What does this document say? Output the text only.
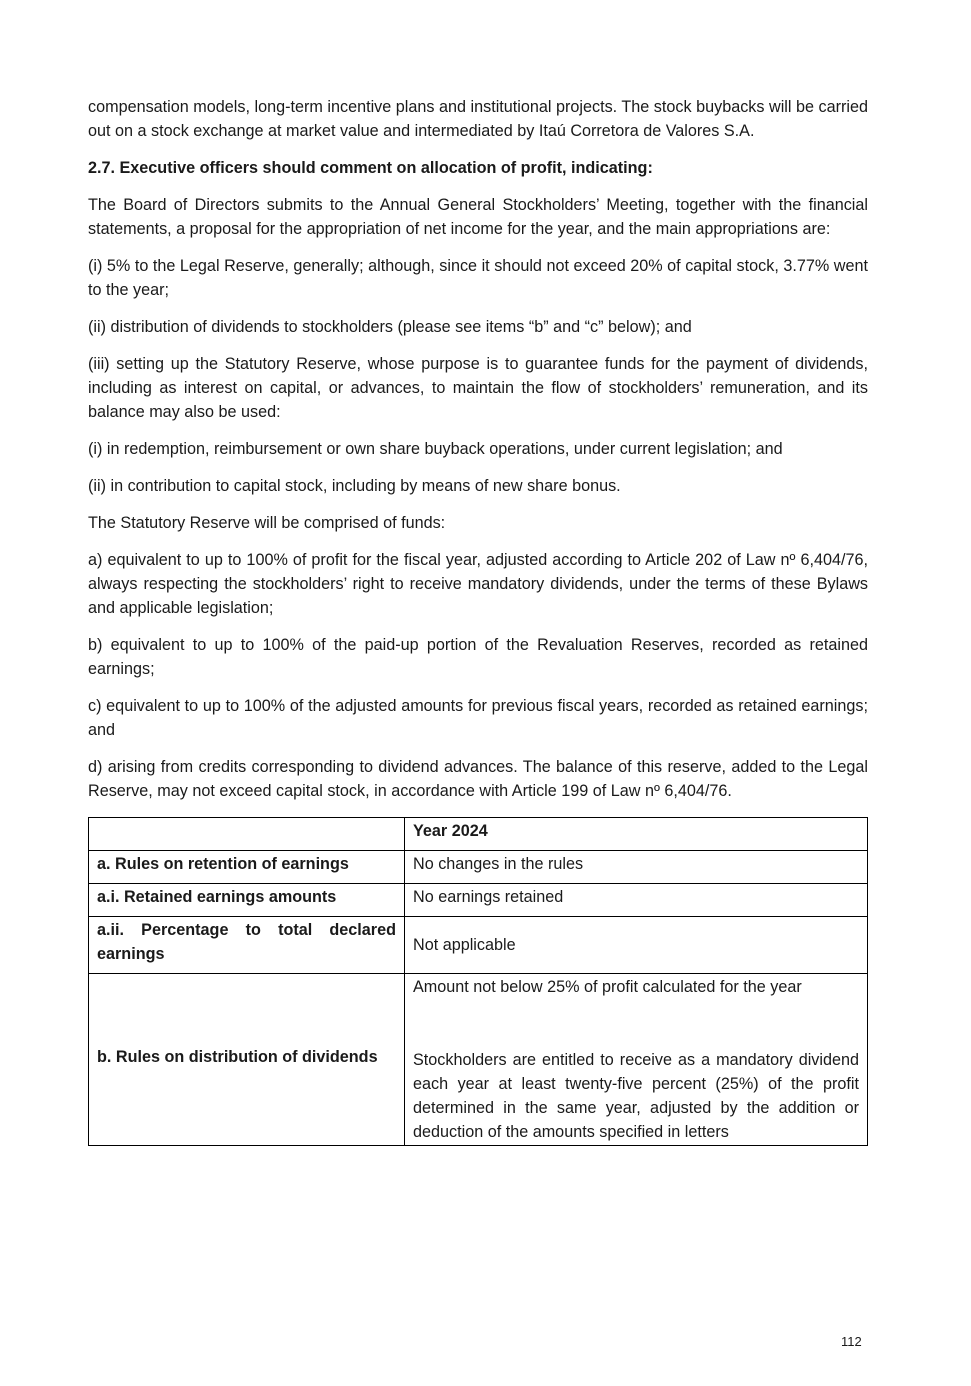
compensation models, long-term incentive plans and institutional projects. The stock buybacks will be carried out on a stock exchange at market value and intermediated by Itaú Corretora de Valores S.A.

2.7. Executive officers should comment on allocation of profit, indicating:

The Board of Directors submits to the Annual General Stockholders’ Meeting, together with the financial statements, a proposal for the appropriation of net income for the year, and the main appropriations are:

(i) 5% to the Legal Reserve, generally; although, since it should not exceed 20% of capital stock, 3.77% went to the year;

(ii) distribution of dividends to stockholders (please see items “b” and “c” below); and

(iii) setting up the Statutory Reserve, whose purpose is to guarantee funds for the payment of dividends, including as interest on capital, or advances, to maintain the flow of stockholders’ remuneration, and its balance may also be used:

(i) in redemption, reimbursement or own share buyback operations, under current legislation; and

(ii) in contribution to capital stock, including by means of new share bonus.

The Statutory Reserve will be comprised of funds:

a) equivalent to up to 100% of profit for the fiscal year, adjusted according to Article 202 of Law nº 6,404/76, always respecting the stockholders’ right to receive mandatory dividends, under the terms of these Bylaws and applicable legislation;

b) equivalent to up to 100% of the paid-up portion of the Revaluation Reserves, recorded as retained earnings;

c) equivalent to up to 100% of the adjusted amounts for previous fiscal years, recorded as retained earnings; and

d) arising from credits corresponding to dividend advances. The balance of this reserve, added to the Legal Reserve, may not exceed capital stock, in accordance with Article 199 of Law nº 6,404/76.

	Year 2024
a. Rules on retention of earnings	No changes in the rules
a.i. Retained earnings amounts	No earnings retained
a.ii. Percentage to total declared earnings	Not applicable
b. Rules on distribution of dividends	Amount not below 25% of profit calculated for the year
Stockholders are entitled to receive as a mandatory dividend each year at least twenty-five percent (25%) of the profit determined in the same year, adjusted by the addition or deduction of the amounts specified in letters
112
